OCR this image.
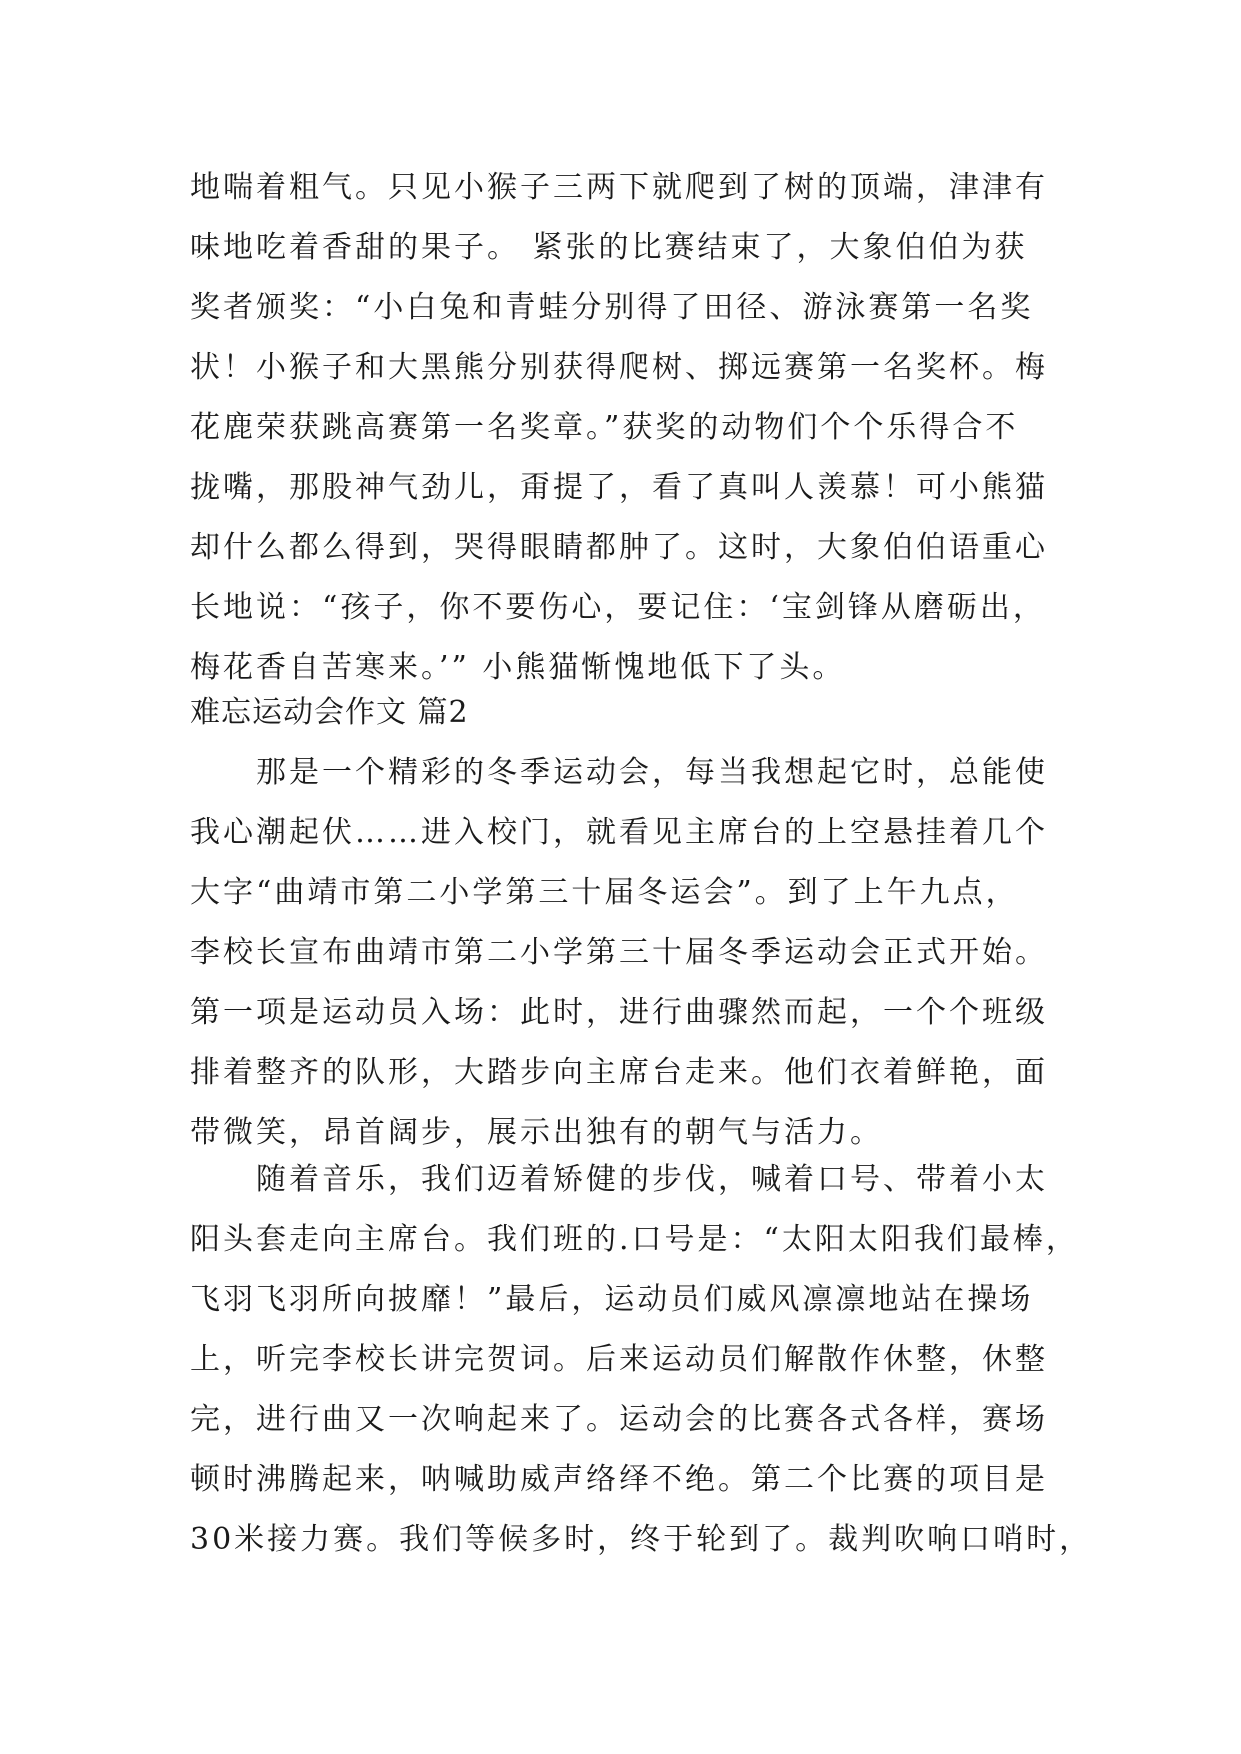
地喘着粗气。只见小猴子三两下就爬到了树的顶端，津津有
味地吃着香甜的果子。 紧张的比赛结束了，大象伯伯为获
奖者颁奖：“小白兔和青蛙分别得了田径、游泳赛第一名奖
状！小猴子和大黑熊分别获得爬树、掷远赛第一名奖杯。梅
花鹿荣获跳高赛第一名奖章。”获奖的动物们个个乐得合不
拢嘴，那股神气劲儿，甭提了，看了真叫人羡慕！可小熊猫
却什么都么得到，哭得眼睛都肿了。这时，大象伯伯语重心
长地说：“孩子，你不要伤心，要记住：‘宝剑锋从磨砺出，
梅花香自苦寒来。’” 小熊猫惭愧地低下了头。
难忘运动会作文 篇2
那是一个精彩的冬季运动会，每当我想起它时，总能使
我心潮起伏……进入校门，就看见主席台的上空悬挂着几个
大字“曲靖市第二小学第三十届冬运会”。到了上午九点，
李校长宣布曲靖市第二小学第三十届冬季运动会正式开始。
第一项是运动员入场：此时，进行曲骤然而起，一个个班级
排着整齐的队形，大踏步向主席台走来。他们衣着鲜艳，面
带微笑，昂首阔步，展示出独有的朝气与活力。
随着音乐，我们迈着矫健的步伐，喊着口号、带着小太
阳头套走向主席台。我们班的.口号是：“太阳太阳我们最棒，
飞羽飞羽所向披靡！”最后，运动员们威风凛凛地站在操场
上，听完李校长讲完贺词。后来运动员们解散作休整，休整
完，进行曲又一次响起来了。运动会的比赛各式各样，赛场
顿时沸腾起来，呐喊助威声络绎不绝。第二个比赛的项目是
30米接力赛。我们等候多时，终于轮到了。裁判吹响口哨时，
